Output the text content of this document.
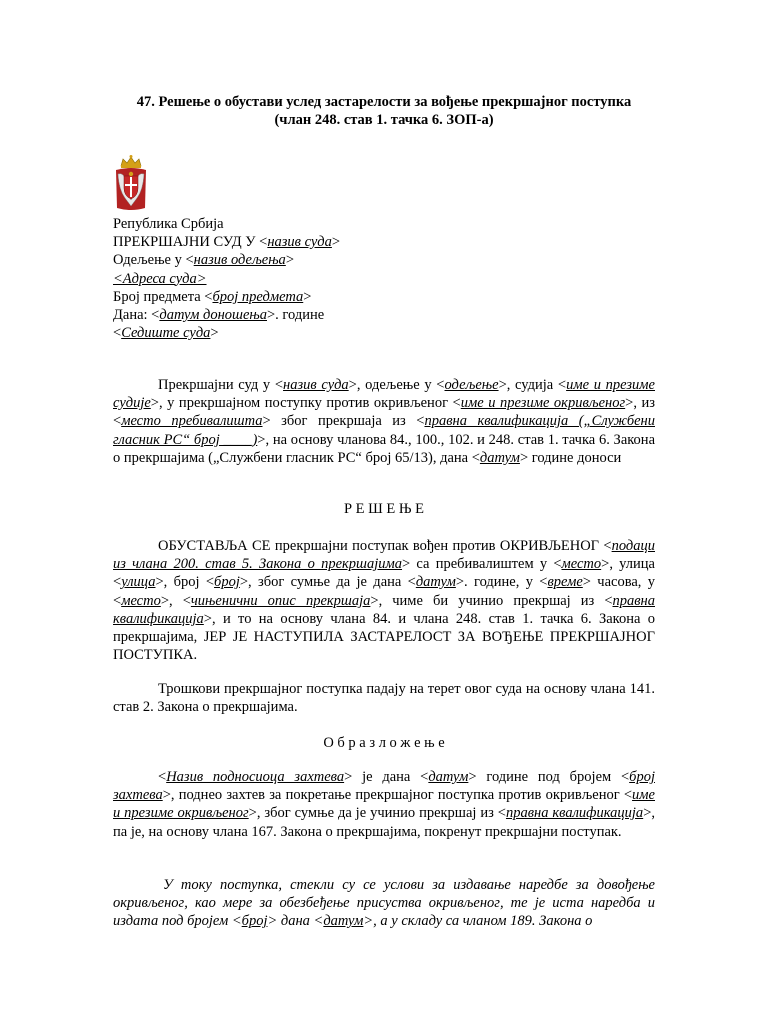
47. Решење о обустави услед застарелости за вођење прекршајног поступка
(члан 248. став 1. тачка 6. ЗОП-а)
Република Србија
ПРЕКРШАЈНИ СУД У <назив суда>
Одељење у <назив одељења>
<Адреса суда>
Број предмета <број предмета>
Дана: <датум доношења>. године
<Седиште суда>
Прекршајни суд у <назив суда>, одељење у <одељење>, судија <име и презиме судије>, у прекршајном поступку против окривљеног <име и презиме окривљеног>, из <место пребивалишта> због прекршаја из <правна квалификација („Службени гласник РС“ број ____)>, на основу чланова 84., 100., 102. и 248. став 1. тачка 6. Закона о прекршајима („Службени гласник РС“ број 65/13), дана <датум> године доноси
Р Е Ш Е Њ Е
ОБУСТАВЉА СЕ прекршајни поступак вођен против ОКРИВЉЕНОГ <подаци из члана 200. став 5. Закона о прекршајима> са пребивалиштем у <место>, улица <улица>, број <број>, због сумње да је дана <датум>. године, у <време> часова, у <место>, <чињенични опис прекршаја>, чиме би учинио прекршај из <правна квалификација>, и то на основу члана 84. и члана 248. став 1. тачка 6. Закона о прекршајима, ЈЕР ЈЕ НАСТУПИЛА ЗАСТАРЕЛОСТ ЗА ВОЂЕЊЕ ПРЕКРШАЈНОГ ПОСТУПКА.
Трошкови прекршајног поступка падају на терет овог суда на основу члана 141. став 2. Закона о прекршајима.
О б р а з л о ж е њ е
<Назив подносиоца захтева> је дана <датум> године под бројем <број захтева>, поднео захтев за покретање прекршајног поступка против окривљеног <име и презиме окривљеног>, због сумње да је учинио прекршај из <правна квалификација>, па је, на основу члана 167. Закона о прекршајима, покренут прекршајни поступак.
У току поступка, стекли су се услови за издавање наредбе за довођење окривљеног, као мере за обезбеђење присуства окривљеног, те је иста наредба и издата под бројем <број> дана <датум>, а у складу са чланом 189. Закона о
